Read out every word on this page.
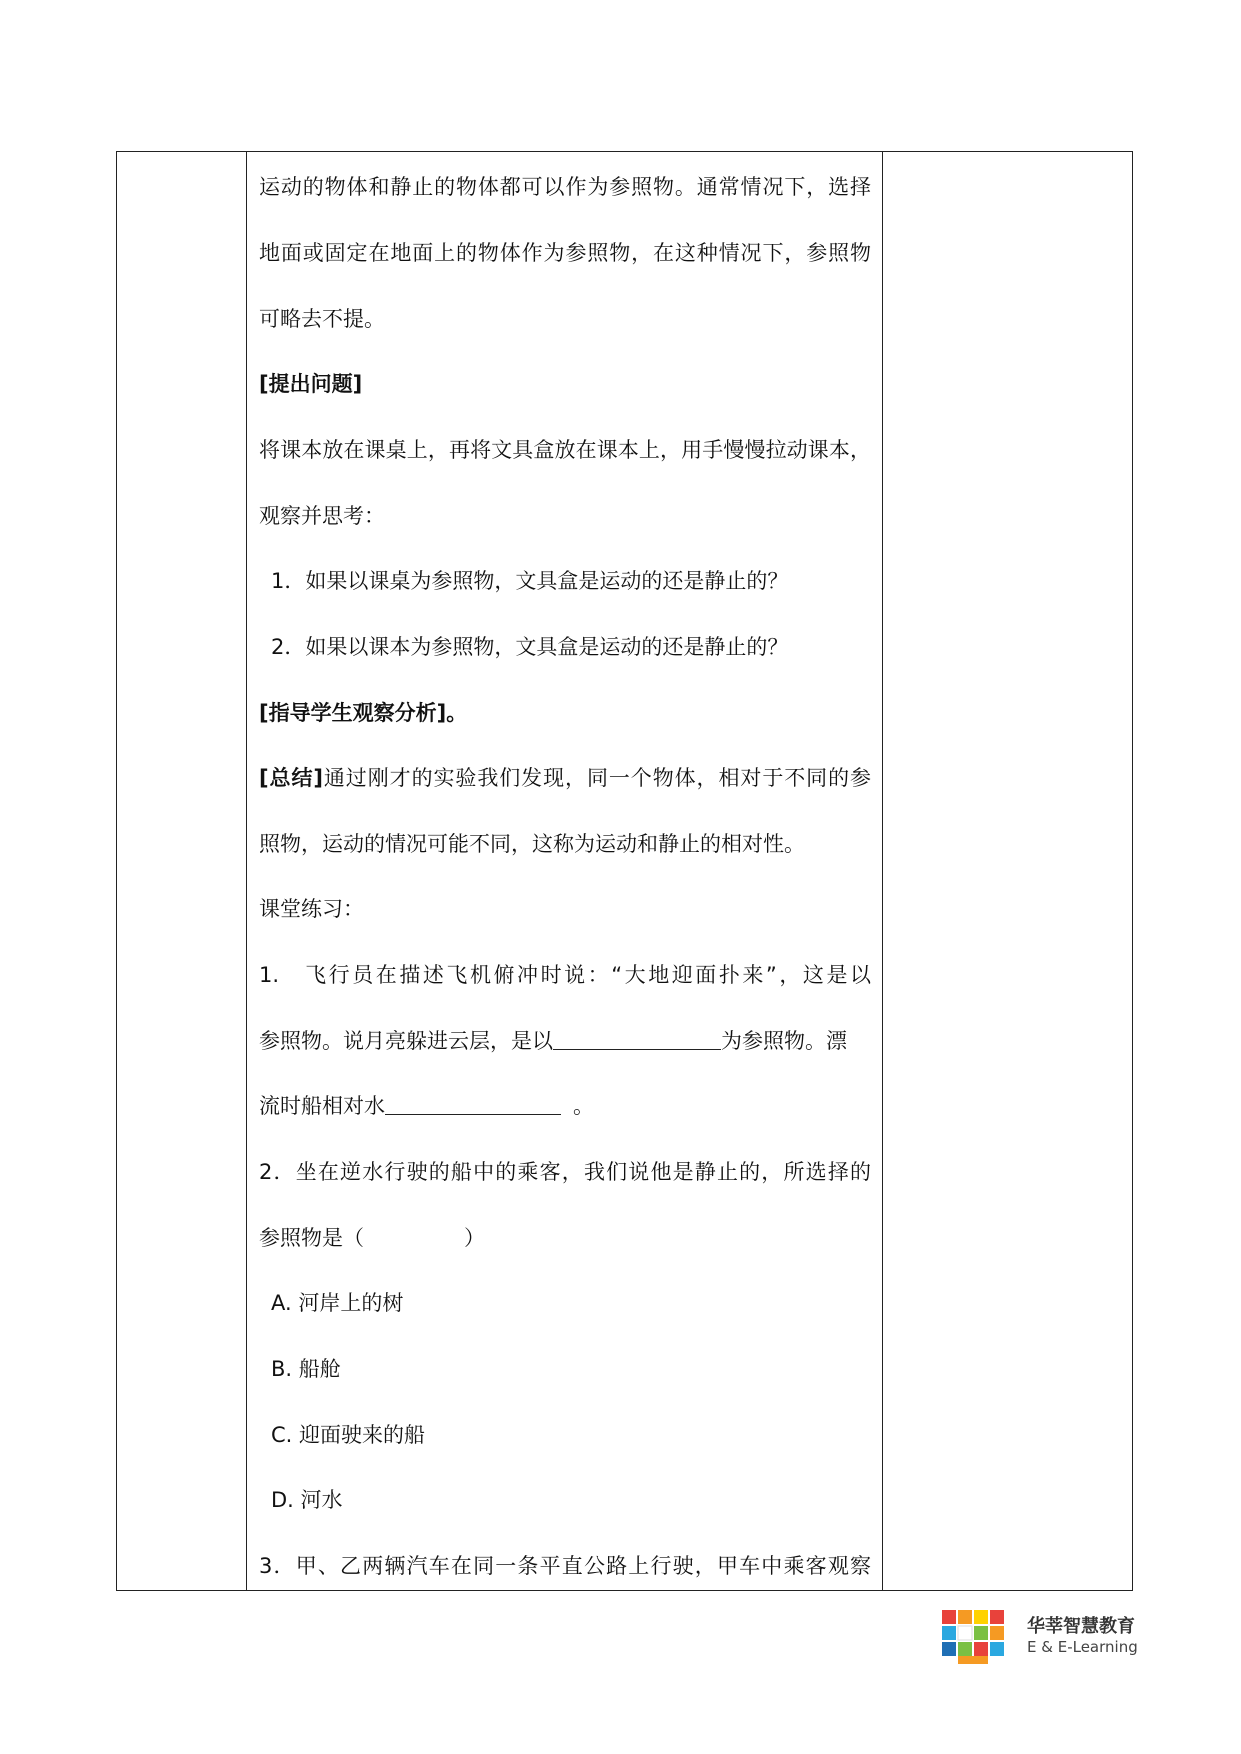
运动的物体和静止的物体都可以作为参照物。通常情况下，选择
地面或固定在地面上的物体作为参照物，在这种情况下，参照物
可略去不提。
[提出问题]
将课本放在课桌上，再将文具盒放在课本上，用手慢慢拉动课本，
观察并思考：
1．如果以课桌为参照物，文具盒是运动的还是静止的？
2．如果以课本为参照物，文具盒是运动的还是静止的？
[指导学生观察分析]。
[总结]通过刚才的实验我们发现，同一个物体，相对于不同的参
照物，运动的情况可能不同，这称为运动和静止的相对性。
课堂练习：
1.　飞行员在描述飞机俯冲时说：“大地迎面扑来”，这是以
参照物。说月亮躲进云层，是以	为参照物。漂
流时船相对水	。
2．坐在逆水行驶的船中的乘客，我们说他是静止的，所选择的
参照物是（	）
A. 河岸上的树
B. 船舱
C. 迎面驶来的船
D. 河水
3．甲、乙两辆汽车在同一条平直公路上行驶，甲车中乘客观察
华莘智慧教育
E & E-Learning
